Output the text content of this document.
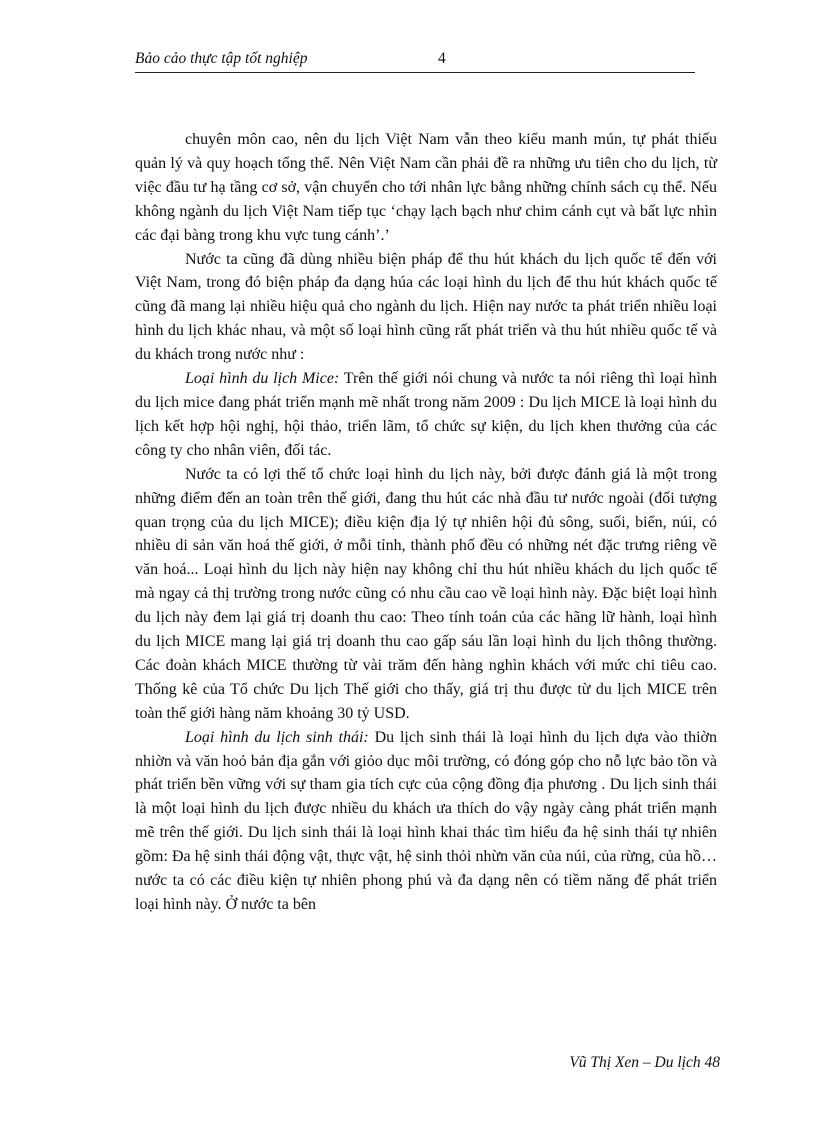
Bảo cảo thực tập tốt nghiệp	4

chuyên môn cao, nên du lịch Việt Nam vẫn theo kiểu manh mún, tự phát thiếu quản lý và quy hoạch tổng thể. Nên Việt Nam cần phải đề ra những ưu tiên cho du lịch, từ việc đầu tư hạ tầng cơ sở, vận chuyển cho tới nhân lực bằng những chính sách cụ thể. Nếu không ngành du lịch Việt Nam tiếp tục ‘chạy lạch bạch như chim cánh cụt và bất lực nhìn các đại bàng trong khu vực tung cánh’.’

Nước ta cũng đã dùng nhiều biện pháp để thu hút khách du lịch quốc tế đến với Việt Nam, trong đó biện pháp đa dạng húa các loại hình du lịch để thu hút khách quốc tế cũng đã mang lại nhiều hiệu quả cho ngành du lịch. Hiện nay nước ta phát triển nhiều loại hình du lịch khác nhau, và một số loại hình cũng rất phát triển và thu hút nhiều quốc tế và du khách trong nước như :

Loại hình du lịch Mice: Trên thế giới nói chung và nước ta nói riêng thì loại hình du lịch mice đang phát triển mạnh mẽ nhất trong năm 2009 : Du lịch MICE là loại hình du lịch kết hợp hội nghị, hội thảo, triển lãm, tổ chức sự kiện, du lịch khen thưởng của các công ty cho nhân viên, đối tác.

Nước ta có lợi thế tổ chức loại hình du lịch này, bởi được đánh giá là một trong những điểm đến an toàn trên thế giới, đang thu hút các nhà đầu tư nước ngoài (đối tượng quan trọng của du lịch MICE); điều kiện địa lý tự nhiên hội đủ sông, suối, biển, núi, có nhiều di sản văn hoá thế giới, ở mỗi tỉnh, thành phố đều có những nét đặc trưng riêng về văn hoá... Loại hình du lịch này hiện nay không chỉ thu hút nhiều khách du lịch quốc tế mà ngay cả thị trường trong nước cũng có nhu cầu cao về loại hình này. Đặc biệt loại hình du lịch này đem lại giá trị doanh thu cao: Theo tính toán của các hãng lữ hành, loại hình du lịch MICE mang lại giá trị doanh thu cao gấp sáu lần loại hình du lịch thông thường. Các đoàn khách MICE thường từ vài trăm đến hàng nghìn khách với mức chi tiêu cao. Thống kê của Tổ chức Du lịch Thế giới cho thấy, giá trị thu được từ du lịch MICE trên toàn thế giới hàng năm khoảng 30 tỷ USD.

Loại hình du lịch sinh thái: Du lịch sinh thái là loại hình du lịch dựa vào thiờn nhiờn và văn hoỏ bản địa gắn với giỏo dục môi trường, có đóng góp cho nỗ lực bảo tồn và phát triển bền vững với sự tham gia tích cực của cộng đồng địa phương . Du lịch sinh thái là một loại hình du lịch được nhiều du khách ưa thích do vậy ngày càng phát triển mạnh mẽ trên thế giới. Du lịch sinh thái là loại hình khai thác tìm hiểu đa hệ sinh thái tự nhiên gồm: Đa hệ sinh thái động vật, thực vật, hệ sinh thỏi nhừn văn của núi, của rừng, của hồ… nước ta có các điều kiện tự nhiên phong phú và đa dạng nên có tiềm năng để phát triển loại hình này. Ở nước ta bên

Vũ Thị Xen – Du lịch 48
